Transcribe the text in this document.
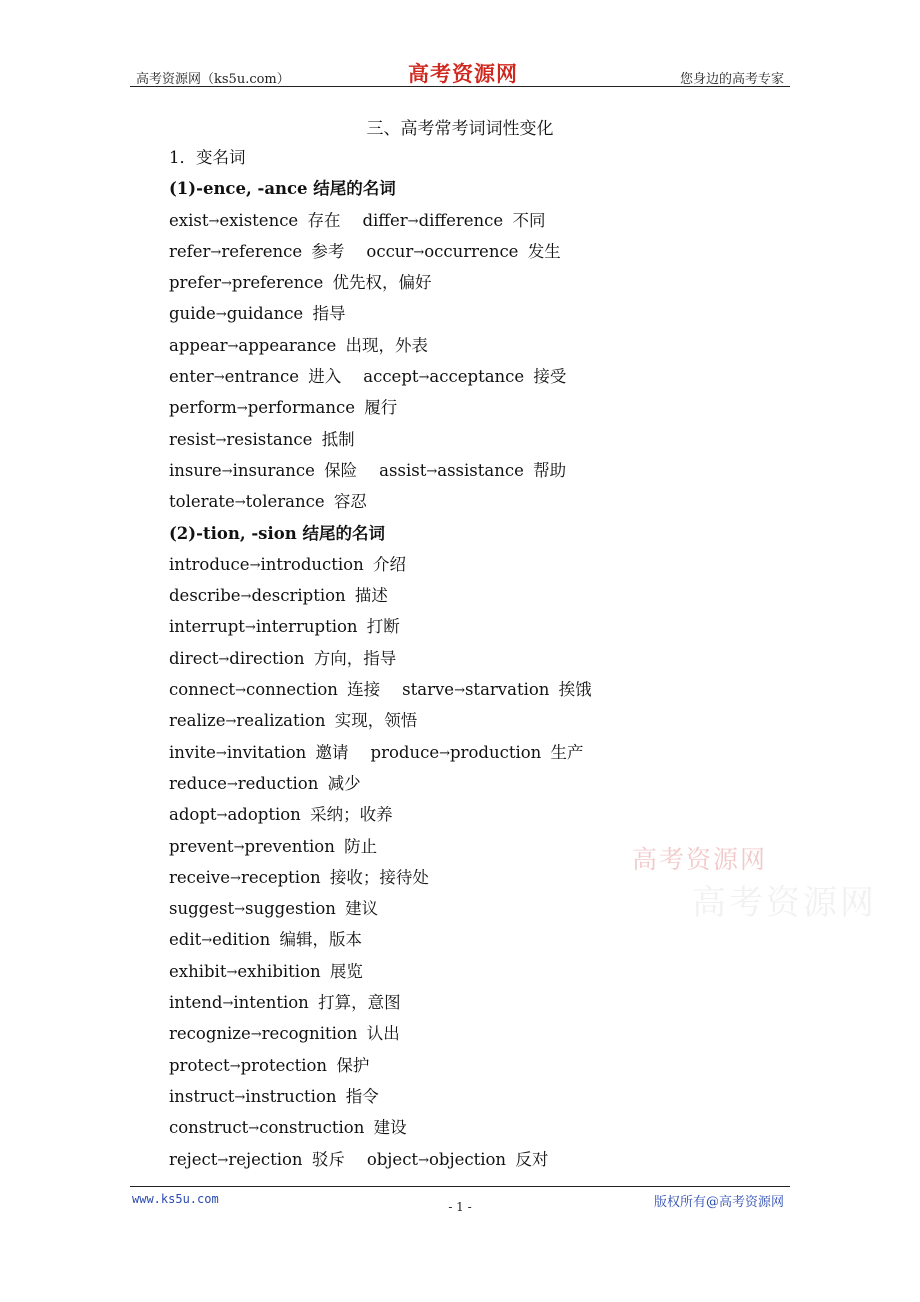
高考资源网（ks5u.com）	高考资源网	您身边的高考专家
三、高考常考词词性变化
1．变名词
(1)-ence, -ance 结尾的名词
exist→existence 存在 differ→difference 不同
refer→reference 参考 occur→occurrence 发生
prefer→preference 优先权，偏好
guide→guidance 指导
appear→appearance 出现，外表
enter→entrance 进入 accept→acceptance 接受
perform→performance 履行
resist→resistance 抵制
insure→insurance 保险 assist→assistance 帮助
tolerate→tolerance 容忍
(2)-tion, -sion 结尾的名词
introduce→introduction 介绍
describe→description 描述
interrupt→interruption 打断
direct→direction 方向，指导
connect→connection 连接 starve→starvation 挨饿
realize→realization 实现，领悟
invite→invitation 邀请 produce→production 生产
reduce→reduction 减少
adopt→adoption 采纳；收养
prevent→prevention 防止
receive→reception 接收；接待处
suggest→suggestion 建议
edit→edition 编辑，版本
exhibit→exhibition 展览
intend→intention 打算，意图
recognize→recognition 认出
protect→protection 保护
instruct→instruction 指令
construct→construction 建设
reject→rejection 驳斥 object→objection 反对
高考资源网
高考资源网
www.ks5u.com
- 1 -	版权所有@高考资源网
